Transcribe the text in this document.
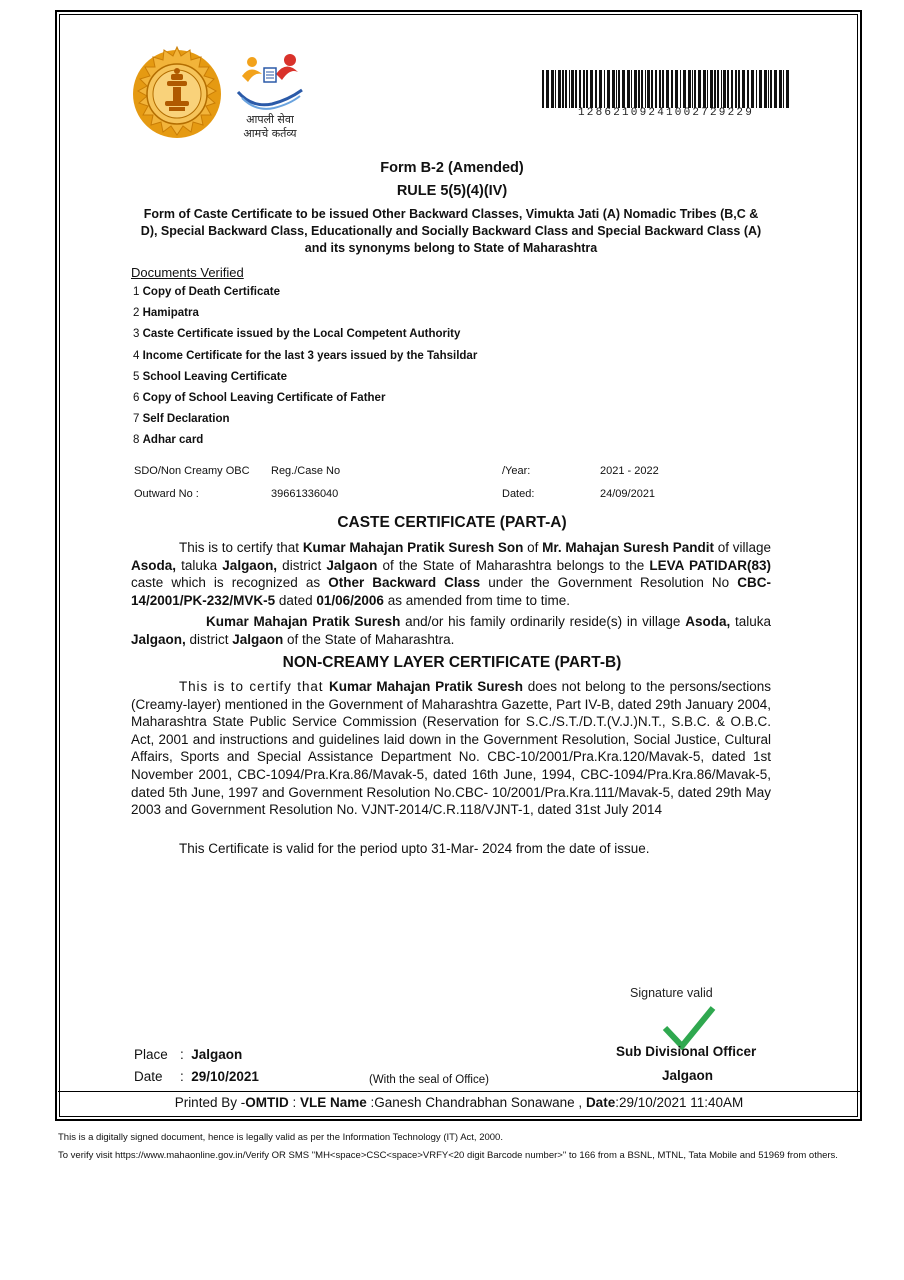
आपली सेवा
आमचे कर्तव्य
12862109241002729229
Form B-2 (Amended)
RULE 5(5)(4)(IV)
Form of Caste Certificate to be issued Other Backward Classes, Vimukta Jati (A) Nomadic Tribes (B,C & D), Special Backward Class, Educationally and Socially Backward Class and Special Backward Class (A) and its synonyms belong to State of Maharashtra
Documents Verified
1 Copy of Death Certificate
2 Hamipatra
3 Caste Certificate issued by the Local Competent Authority
4 Income Certificate for the last 3 years issued by the Tahsildar
5 School Leaving Certificate
6 Copy of School Leaving Certificate of Father
7 Self Declaration
8 Adhar card
SDO/Non Creamy OBC Reg./Case No	/Year:	2021 - 2022
Outward No :	39661336040	Dated:	24/09/2021
CASTE CERTIFICATE (PART-A)
This is to certify that Kumar Mahajan Pratik Suresh Son of Mr. Mahajan Suresh Pandit of village Asoda, taluka Jalgaon, district Jalgaon of the State of Maharashtra belongs to the LEVA PATIDAR(83) caste which is recognized as Other Backward Class under the Government Resolution No CBC-14/2001/PK-232/MVK-5 dated 01/06/2006 as amended from time to time.
Kumar Mahajan Pratik Suresh and/or his family ordinarily reside(s) in village Asoda, taluka Jalgaon, district Jalgaon of the State of Maharashtra.
NON-CREAMY LAYER CERTIFICATE (PART-B)
This is to certify that Kumar Mahajan Pratik Suresh does not belong to the persons/sections (Creamy-layer) mentioned in the Government of Maharashtra Gazette, Part IV-B, dated 29th January 2004, Maharashtra State Public Service Commission (Reservation for S.C./S.T./D.T.(V.J.)N.T., S.B.C. & O.B.C. Act, 2001 and instructions and guidelines laid down in the Government Resolution, Social Justice, Cultural Affairs, Sports and Special Assistance Department No. CBC-10/2001/Pra.Kra.120/Mavak-5, dated 1st November 2001, CBC-1094/Pra.Kra.86/Mavak-5, dated 16th June, 1994, CBC-1094/Pra.Kra.86/Mavak-5, dated 5th June, 1997 and Government Resolution No.CBC- 10/2001/Pra.Kra.111/Mavak-5, dated 29th May 2003 and Government Resolution No. VJNT-2014/C.R.118/VJNT-1, dated 31st July 2014
This Certificate is valid for the period upto 31-Mar- 2024 from the date of issue.
Signature valid
Sub Divisional Officer
Jalgaon
Place : Jalgaon
Date : 29/10/2021	(With the seal of Office)
Printed By -OMTID : VLE Name :Ganesh Chandrabhan Sonawane , Date:29/10/2021 11:40AM
This is a digitally signed document, hence is legally valid as per the Information Technology (IT) Act, 2000.
To verify visit https://www.mahaonline.gov.in/Verify OR SMS "MH<space>CSC<space>VRFY<20 digit Barcode number>" to 166 from a BSNL, MTNL, Tata Mobile and 51969 from others.
